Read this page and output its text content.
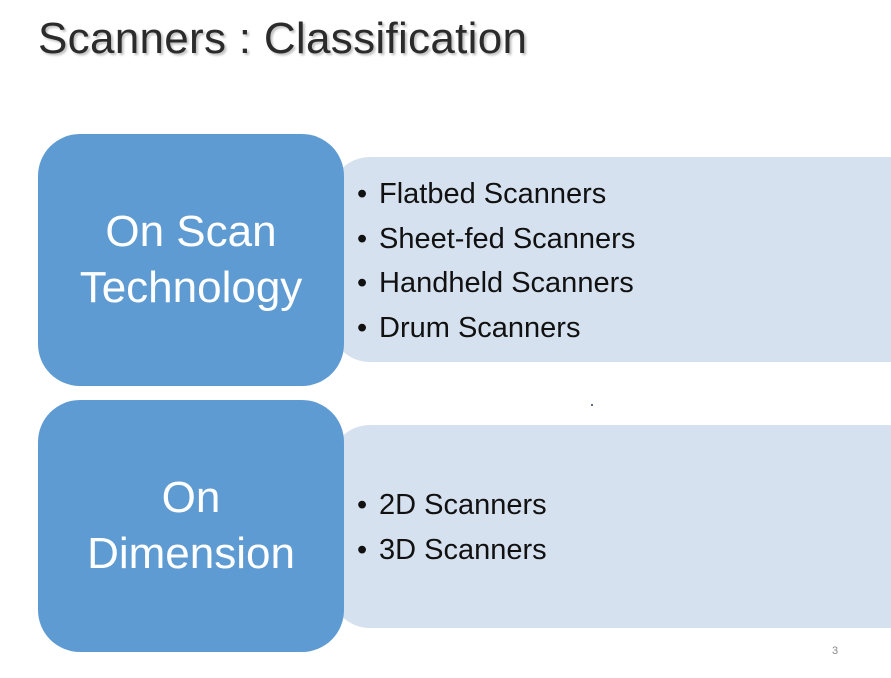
Scanners : Classification
On Scan
Technology
• Flatbed Scanners
• Sheet-fed Scanners
• Handheld Scanners
• Drum Scanners
On
Dimension
• 2D Scanners
• 3D Scanners
3
